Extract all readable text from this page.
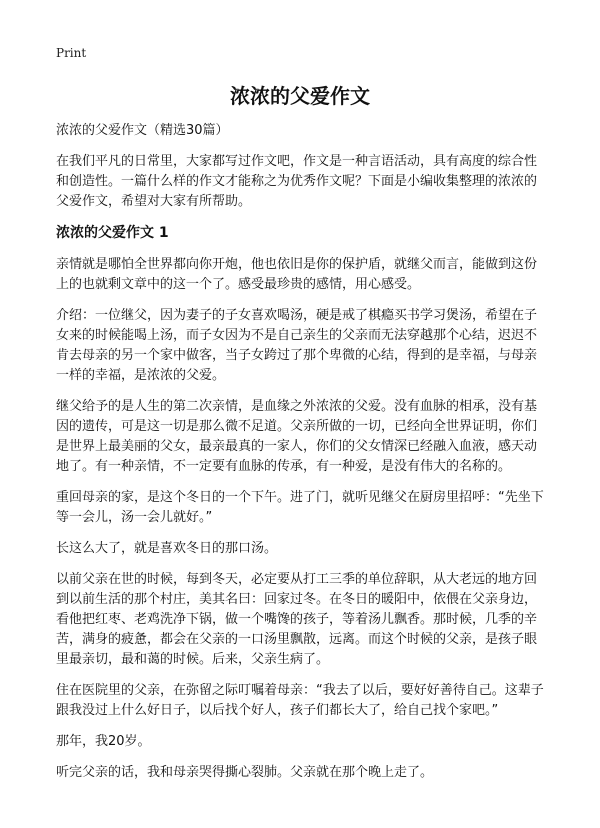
Print
浓浓的父爱作文
浓浓的父爱作文（精选30篇）

在我们平凡的日常里，大家都写过作文吧，作文是一种言语活动，具有高度的综合性和创造性。一篇什么样的作文才能称之为优秀作文呢？下面是小编收集整理的浓浓的父爱作文，希望对大家有所帮助。

浓浓的父爱作文 1

亲情就是哪怕全世界都向你开炮，他也依旧是你的保护盾，就继父而言，能做到这份上的也就剩文章中的这一个了。感受最珍贵的感情，用心感受。

介绍：一位继父，因为妻子的子女喜欢喝汤，硬是戒了棋瘾买书学习煲汤，希望在子女来的时候能喝上汤，而子女因为不是自己亲生的父亲而无法穿越那个心结，迟迟不肯去母亲的另一个家中做客，当子女跨过了那个卑微的心结，得到的是幸福，与母亲一样的幸福，是浓浓的父爱。

继父给予的是人生的第二次亲情，是血缘之外浓浓的父爱。没有血脉的相承，没有基因的遗传，可是这一切是那么微不足道。父亲所做的一切，已经向全世界证明，你们是世界上最美丽的父女，最亲最真的一家人，你们的父女情深已经融入血液，感天动地了。有一种亲情，不一定要有血脉的传承，有一种爱，是没有伟大的名称的。

重回母亲的家，是这个冬日的一个下午。进了门，就听见继父在厨房里招呼：“先坐下等一会儿，汤一会儿就好。”

长这么大了，就是喜欢冬日的那口汤。

以前父亲在世的时候，每到冬天，必定要从打工三季的单位辞职，从大老远的地方回到以前生活的那个村庄，美其名曰：回家过冬。在冬日的暖阳中，依偎在父亲身边，看他把红枣、老鸡洗净下锅，做一个嘴馋的孩子，等着汤儿飘香。那时候，几季的辛苦，满身的疲惫，都会在父亲的一口汤里飘散，远离。而这个时候的父亲，是孩子眼里最亲切，最和蔼的时候。后来，父亲生病了。

住在医院里的父亲，在弥留之际叮嘱着母亲：“我去了以后，要好好善待自己。这辈子跟我没过上什么好日子，以后找个好人，孩子们都长大了，给自己找个家吧。”

那年，我20岁。

听完父亲的话，我和母亲哭得撕心裂肺。父亲就在那个晚上走了。
